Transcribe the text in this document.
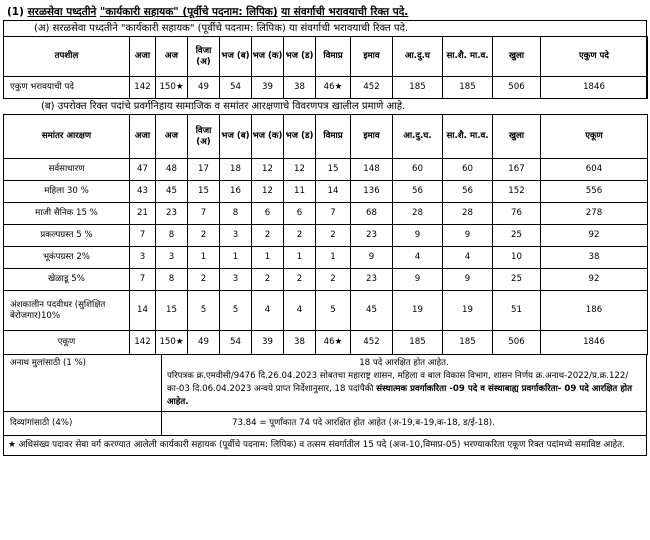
(1) सरळसेवा पध्दतीने "कार्यकारी सहायक" (पूर्वीचे पदनाम: लिपिक) या संवर्गाची भरावयाची रिक्त पदे.
(अ) सरळसेवा पध्दतीने "कार्यकारी सहायक" (पूर्वीचे पदनाम: लिपिक) या संवर्गाची भरावयाची रिक्त पदे.
तपशील	अजा	अज	विजा (अ)	भज (ब)	भज (क)	भज (ड)	विमाप्र	इमाव	आ.दु.घ	सा.शै. मा.व.	खुला	एकुण पदे
एकुण भरावयाची पदे	142	150★	49	54	39	38	46★	452	185	185	506	1846
(ब) उपरोक्त रिक्त पदांचे प्रवर्गनिहाय सामाजिक व समांतर आरक्षणाचे विवरणपत्र खालील प्रमाणे आहे.
समांतर आरक्षण	अजा	अज	विजा (अ)	भज (ब)	भज (क)	भज (ड)	विमाप्र	इमाव	आ.दु.घ.	सा.शै. मा.व.	खुला	एकूण
सर्वसाधारण	47	48	17	18	12	12	15	148	60	60	167	604
महिला 30 %	43	45	15	16	12	11	14	136	56	56	152	556
माजी सैनिक 15 %	21	23	7	8	6	6	7	68	28	28	76	278
प्रकल्पग्रस्त 5 %	7	8	2	3	2	2	2	23	9	9	25	92
भूकंपग्रस्त 2%	3	3	1	1	1	1	1	9	4	4	10	38
खेळाडू 5%	7	8	2	3	2	2	2	23	9	9	25	92
अंशकालीन पदवीधर (सुशिक्षित बेरोजगार)10%	14	15	5	5	4	4	5	45	19	19	51	186
एकूण	142	150★	49	54	39	38	46★	452	185	185	506	1846
अनाथ मुलांसाठी (1 %)	18 पदे आरक्षित होत आहेत.
परिपत्रक क्र.एमवीसी/9476 दि.26.04.2023 सोबतचा महाराष्ट्र शासन, महिला व बाल विकास विभाग, शासन निर्णय क्र.अनाथ-2022/प्र.क्र.122/का-03 दि.06.04.2023 अन्वये प्राप्त निर्देशानुसार, 18 पदांपैकी संस्थात्मक प्रवर्गाकरिता -09 पदे व संस्थाबाह्य प्रवर्गाकरिता- 09 पदे आरक्षित होत आहेत.

दिव्यांगांसाठी (4%)	73.84 = पूर्णांकात 74 पदे आरक्षित होत आहेत (अ-19,ब-19,क-18, ड/ई-18).
★ अधिसंख्य पदावर सेवा वर्ग करण्यात आलेली कार्यकारी सहायक (पूर्वीचे पदनाम: लिपिक) व तत्सम संवर्गातील 15 पदे (अज-10,विमाप्र-05) भरण्याकरिता एकूण रिक्त पदांमध्ये समाविष्ट आहेत.
